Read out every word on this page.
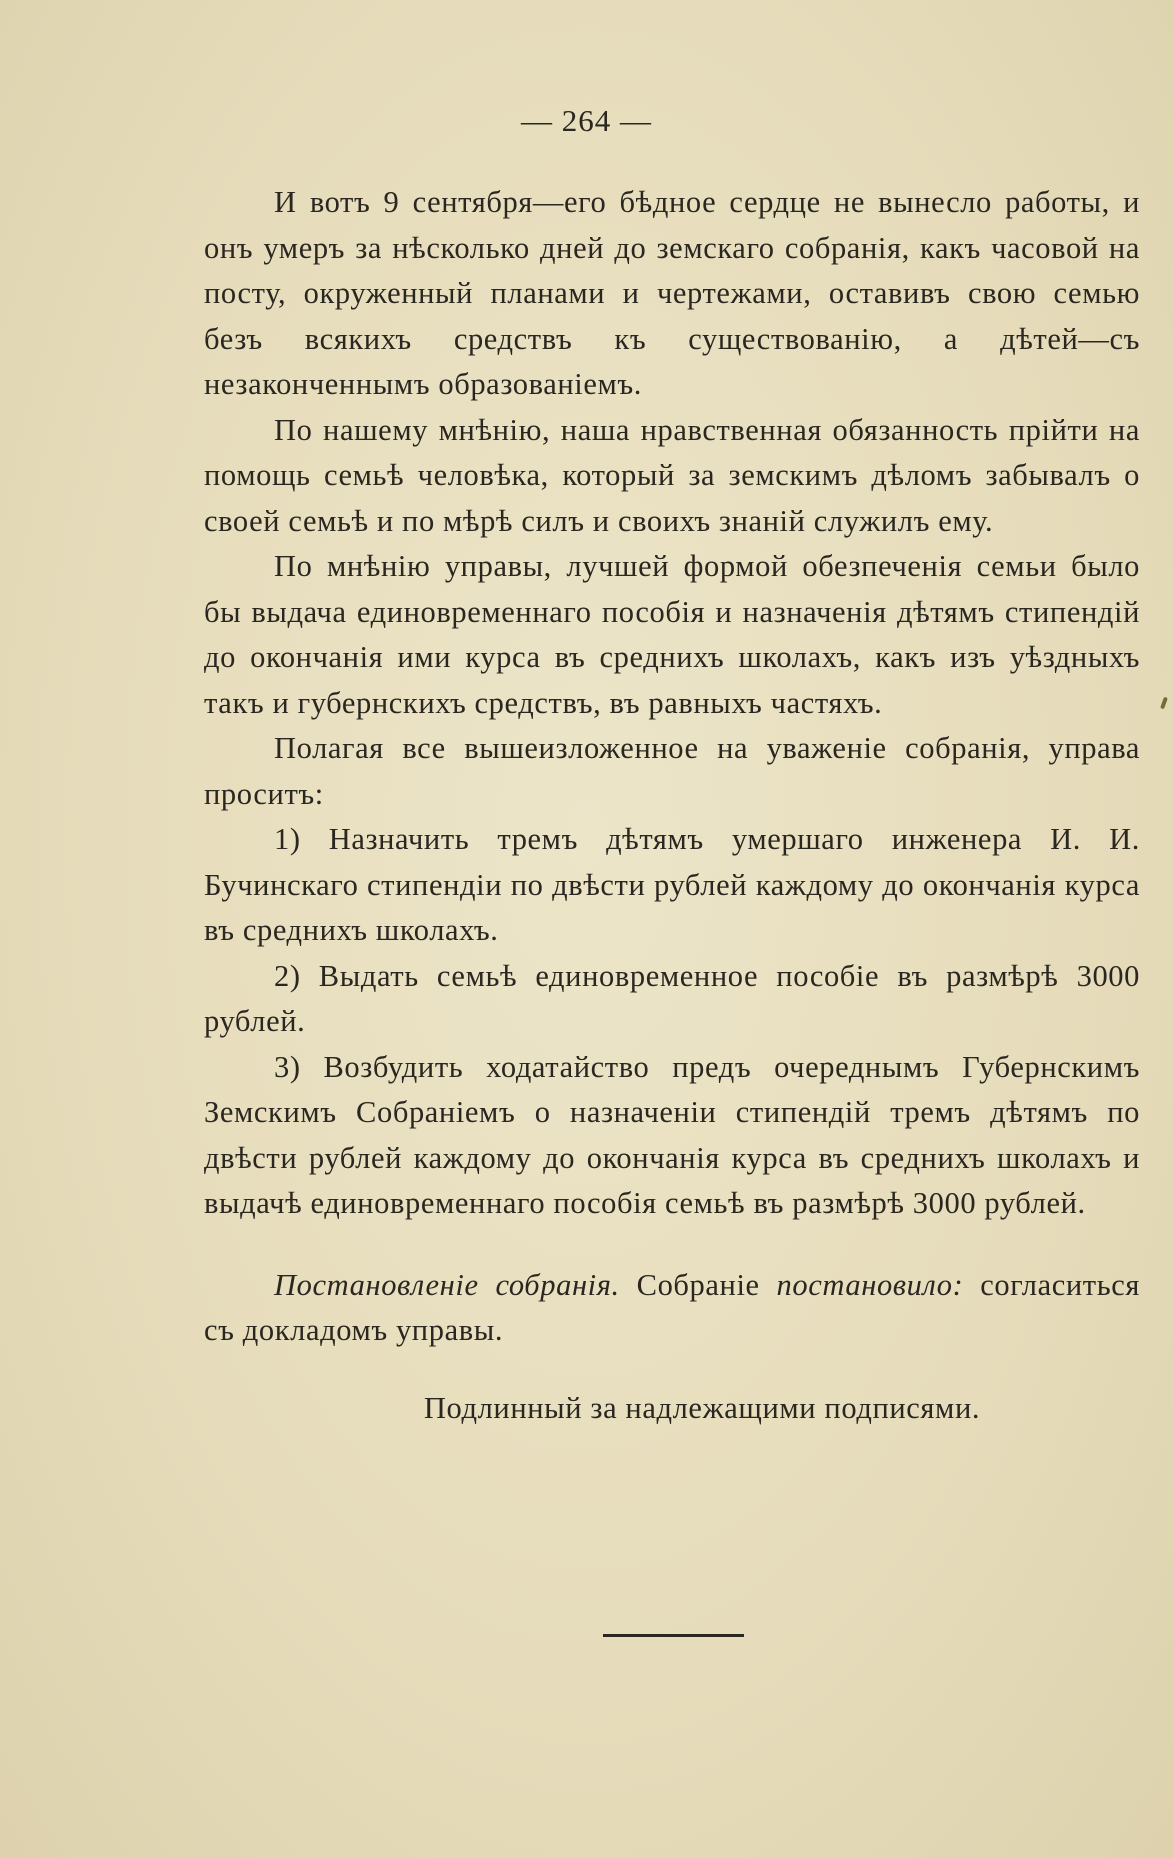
— 264 —

И вотъ 9 сентября—его бѣдное сердце не вынесло работы, и онъ умеръ за нѣсколько дней до земскаго собранія, какъ часовой на посту, окруженный планами и чертежами, оставивъ свою семью безъ всякихъ средствъ къ существованію, а дѣтей—съ незаконченнымъ образованіемъ.

По нашему мнѣнію, наша нравственная обязанность прійти на помощь семьѣ человѣка, который за земскимъ дѣломъ забывалъ о своей семьѣ и по мѣрѣ силъ и своихъ знаній служилъ ему.

По мнѣнію управы, лучшей формой обезпеченія семьи было бы выдача единовременнаго пособія и назначенія дѣтямъ стипендій до окончанія ими курса въ среднихъ школахъ, какъ изъ уѣздныхъ такъ и губернскихъ средствъ, въ равныхъ частяхъ.

Полагая все вышеизложенное на уваженіе собранія, управа проситъ:

1) Назначить тремъ дѣтямъ умершаго инженера И. И. Бучинскаго стипендіи по двѣсти рублей каждому до окончанія курса въ среднихъ школахъ.

2) Выдать семьѣ единовременное пособіе въ размѣрѣ 3000 рублей.

3) Возбудить ходатайство предъ очереднымъ Губернскимъ Земскимъ Собраніемъ о назначеніи стипендій тремъ дѣтямъ по двѣсти рублей каждому до окончанія курса въ среднихъ школахъ и выдачѣ единовременнаго пособія семьѣ въ размѣрѣ 3000 рублей.

Постановленіе собранія. Собраніе постановило: согласиться съ докладомъ управы.

Подлинный за надлежащими подписями.
